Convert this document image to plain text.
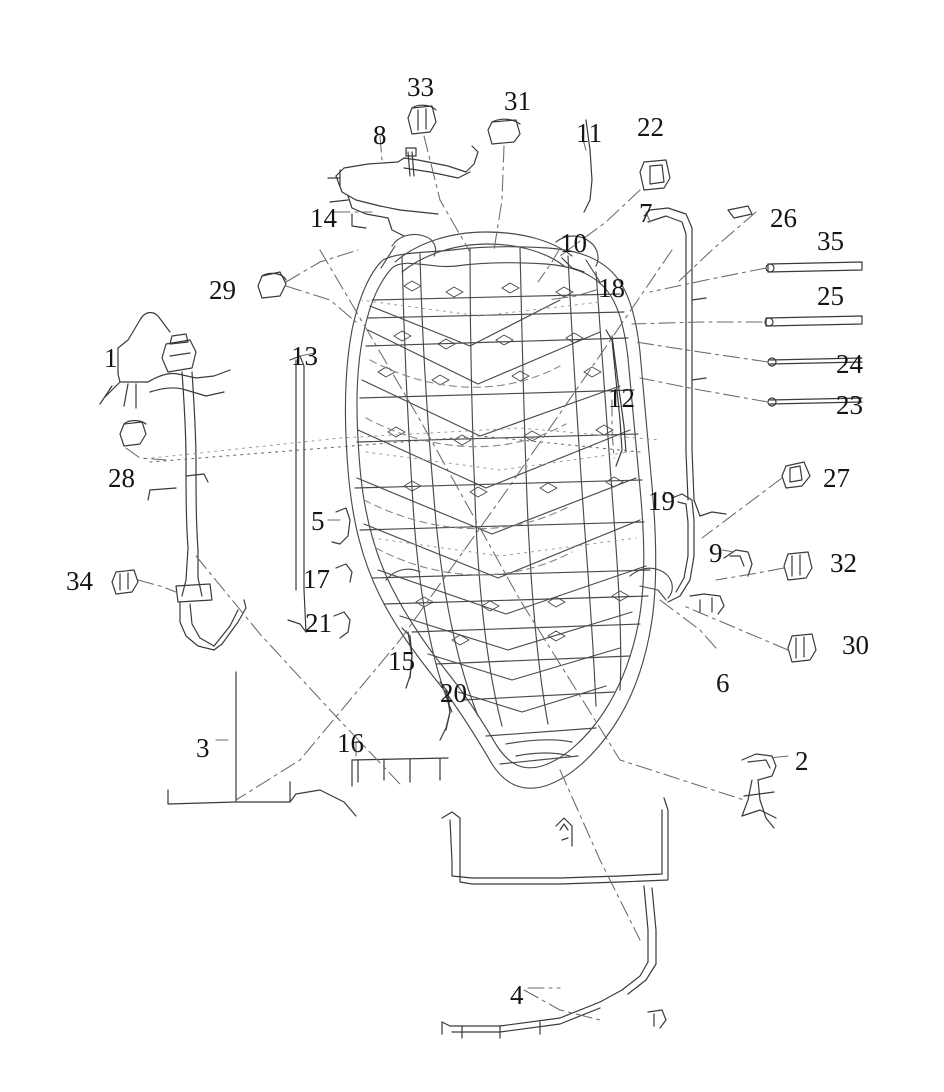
1
2
3
4
5
6
7
8
9
10
11
12
13
14
15
16
17
18
19
20
21
22
23
24
25
26
27
28
29
30
31
32
33
34
35
